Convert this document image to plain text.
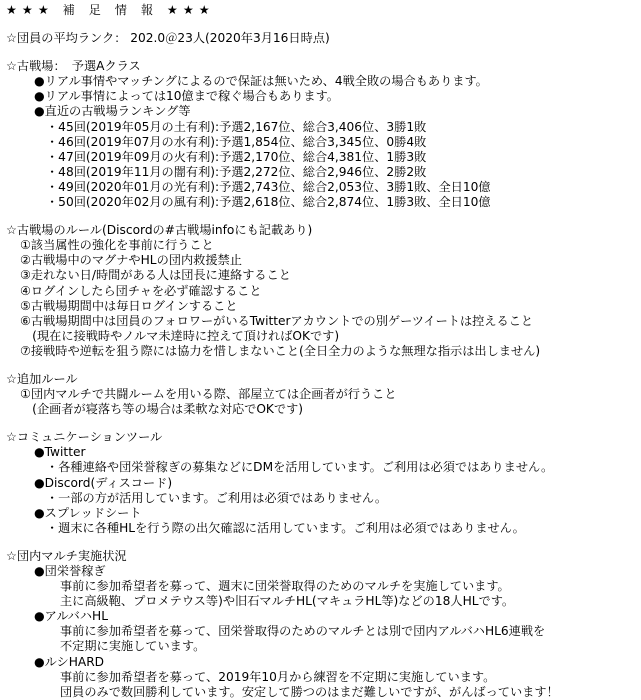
★★★ 補 足 情 報 ★★★
☆団員の平均ランク： 202.0＠23人(2020年3月16日時点)
☆古戦場：　予選Aクラス
●リアル事情やマッチングによるので保証は無いため、4戦全敗の場合もあります。
●リアル事情によっては10億まで稼ぐ場合もあります。
●直近の古戦場ランキング等
・45回(2019年05月の土有利):予選2,167位、総合3,406位、3勝1敗
・46回(2019年07月の水有利):予選1,854位、総合3,345位、0勝4敗
・47回(2019年09月の火有利):予選2,170位、総合4,381位、1勝3敗
・48回(2019年11月の闇有利):予選2,272位、総合2,946位、2勝2敗
・49回(2020年01月の光有利):予選2,743位、総合2,053位、3勝1敗、全日10億
・50回(2020年02月の風有利):予選2,618位、総合2,874位、1勝3敗、全日10億
☆古戦場のルール(Discordの#古戦場infoにも記載あり)
①該当属性の強化を事前に行うこと
②古戦場中のマグナやHLの団内救援禁止
③走れない日/時間がある人は団長に連絡すること
④ログインしたら団チャを必ず確認すること
⑤古戦場期間中は毎日ログインすること
⑥古戦場期間中は団員のフォロワーがいるTwitterアカウントでの別ゲーツイートは控えること
　(現在に接戦時やノルマ未達時に控えて頂ければOKです)
⑦接戦時や逆転を狙う際には協力を惜しまないこと(全日全力のような無理な指示は出しません)
☆追加ルール
①団内マルチで共闘ルームを用いる際、部屋立ては企画者が行うこと
　(企画者が寝落ち等の場合は柔軟な対応でOKです)
☆コミュニケーションツール
●Twitter
・各種連絡や団栄誉稼ぎの募集などにDMを活用しています。ご利用は必須ではありません。
●Discord(ディスコード)
・一部の方が活用しています。ご利用は必須ではありません。
●スプレッドシート
・週末に各種HLを行う際の出欠確認に活用しています。ご利用は必須ではありません。
☆団内マルチ実施状況
●団栄誉稼ぎ
事前に参加希望者を募って、週末に団栄誉取得のためのマルチを実施しています。
主に高級鞄、プロメテウス等)や旧石マルチHL(マキュラHL等)などの18人HLです。
●アルバハHL
事前に参加希望者を募って、団栄誉取得のためのマルチとは別で団内アルバハHL6連戦を
不定期に実施しています。
●ルシHARD
事前に参加希望者を募って、2019年10月から練習を不定期に実施しています。
団員のみで数回勝利しています。安定して勝つのはまだ難しいですが、がんばっています！
